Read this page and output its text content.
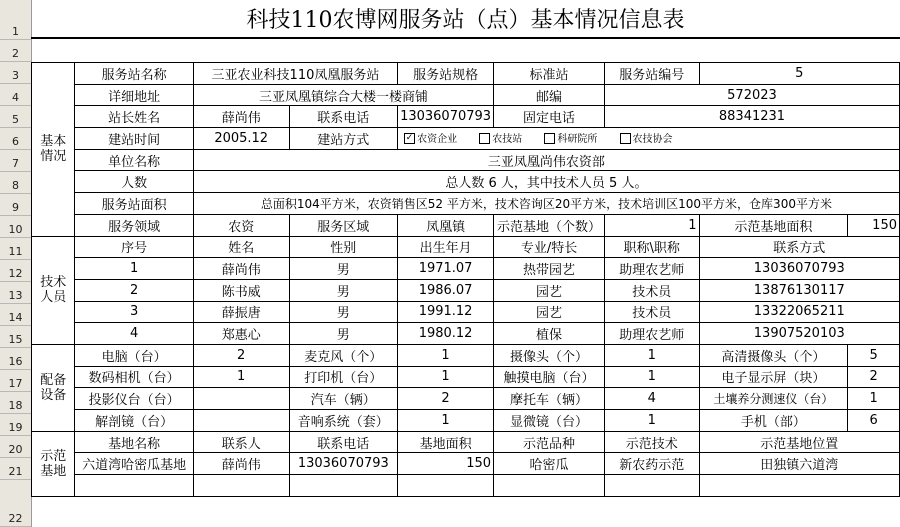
1
2
3
4
5
6
7
8
9
10
11
12
13
14
15
16
17
18
19
20
21
22
科技110农博网服务站（点）基本情况信息表
基本情况	服务站名称	三亚农业科技110凤凰服务站		服务站规格	标准站	服务站编号	5	
	详细地址	三亚凤凰镇综合大楼一楼商铺			邮编	572023		
	站长姓名	薛尚伟	联系电话	13036070793	固定电话	88341231		
	建站时间	2005.12	建站方式	✓ 农资企业 农技站 科研院所 农技协会				
	单位名称	三亚凤凰尚伟农资部						
	人数	总人数 6 人，其中技术人员 5 人。						
	服务站面积	总面积104平方米，农资销售区52 平方米，技术咨询区20平方米，技术培训区100平方米，仓库300平方米						
	服务领域	农资	服务区域	凤凰镇	示范基地（个数）	1	示范基地面积	150
技术人员	序号	姓名	性别	出生年月	专业/特长	职称\职称	联系方式	
	1	薛尚伟	男	1971.07	热带园艺	助理农艺师	13036070793	
	2	陈书威	男	1986.07	园艺	技术员	13876130117	
	3	薛振唐	男	1991.12	园艺	技术员	13322065211	
	4	郑惠心	男	1980.12	植保	助理农艺师	13907520103	
配备设备	电脑（台）	2	麦克风（个）	1	摄像头（个）	1	高清摄像头（个）	5
	数码相机（台）	1	打印机（台）	1	触摸电脑（台）	1	电子显示屏（块）	2
	投影仪台（台）		汽车（辆）	2	摩托车（辆）	4	土壤养分测速仪（台）	1
	解剖镜（台）		音响系统（套）	1	显微镜（台）	1	手机（部）	6
示范基地	基地名称	联系人	联系电话	基地面积	示范品种	示范技术	示范基地位置	
	六道湾哈密瓜基地	薛尚伟	13036070793	150	哈密瓜	新农药示范	田独镇六道湾	
